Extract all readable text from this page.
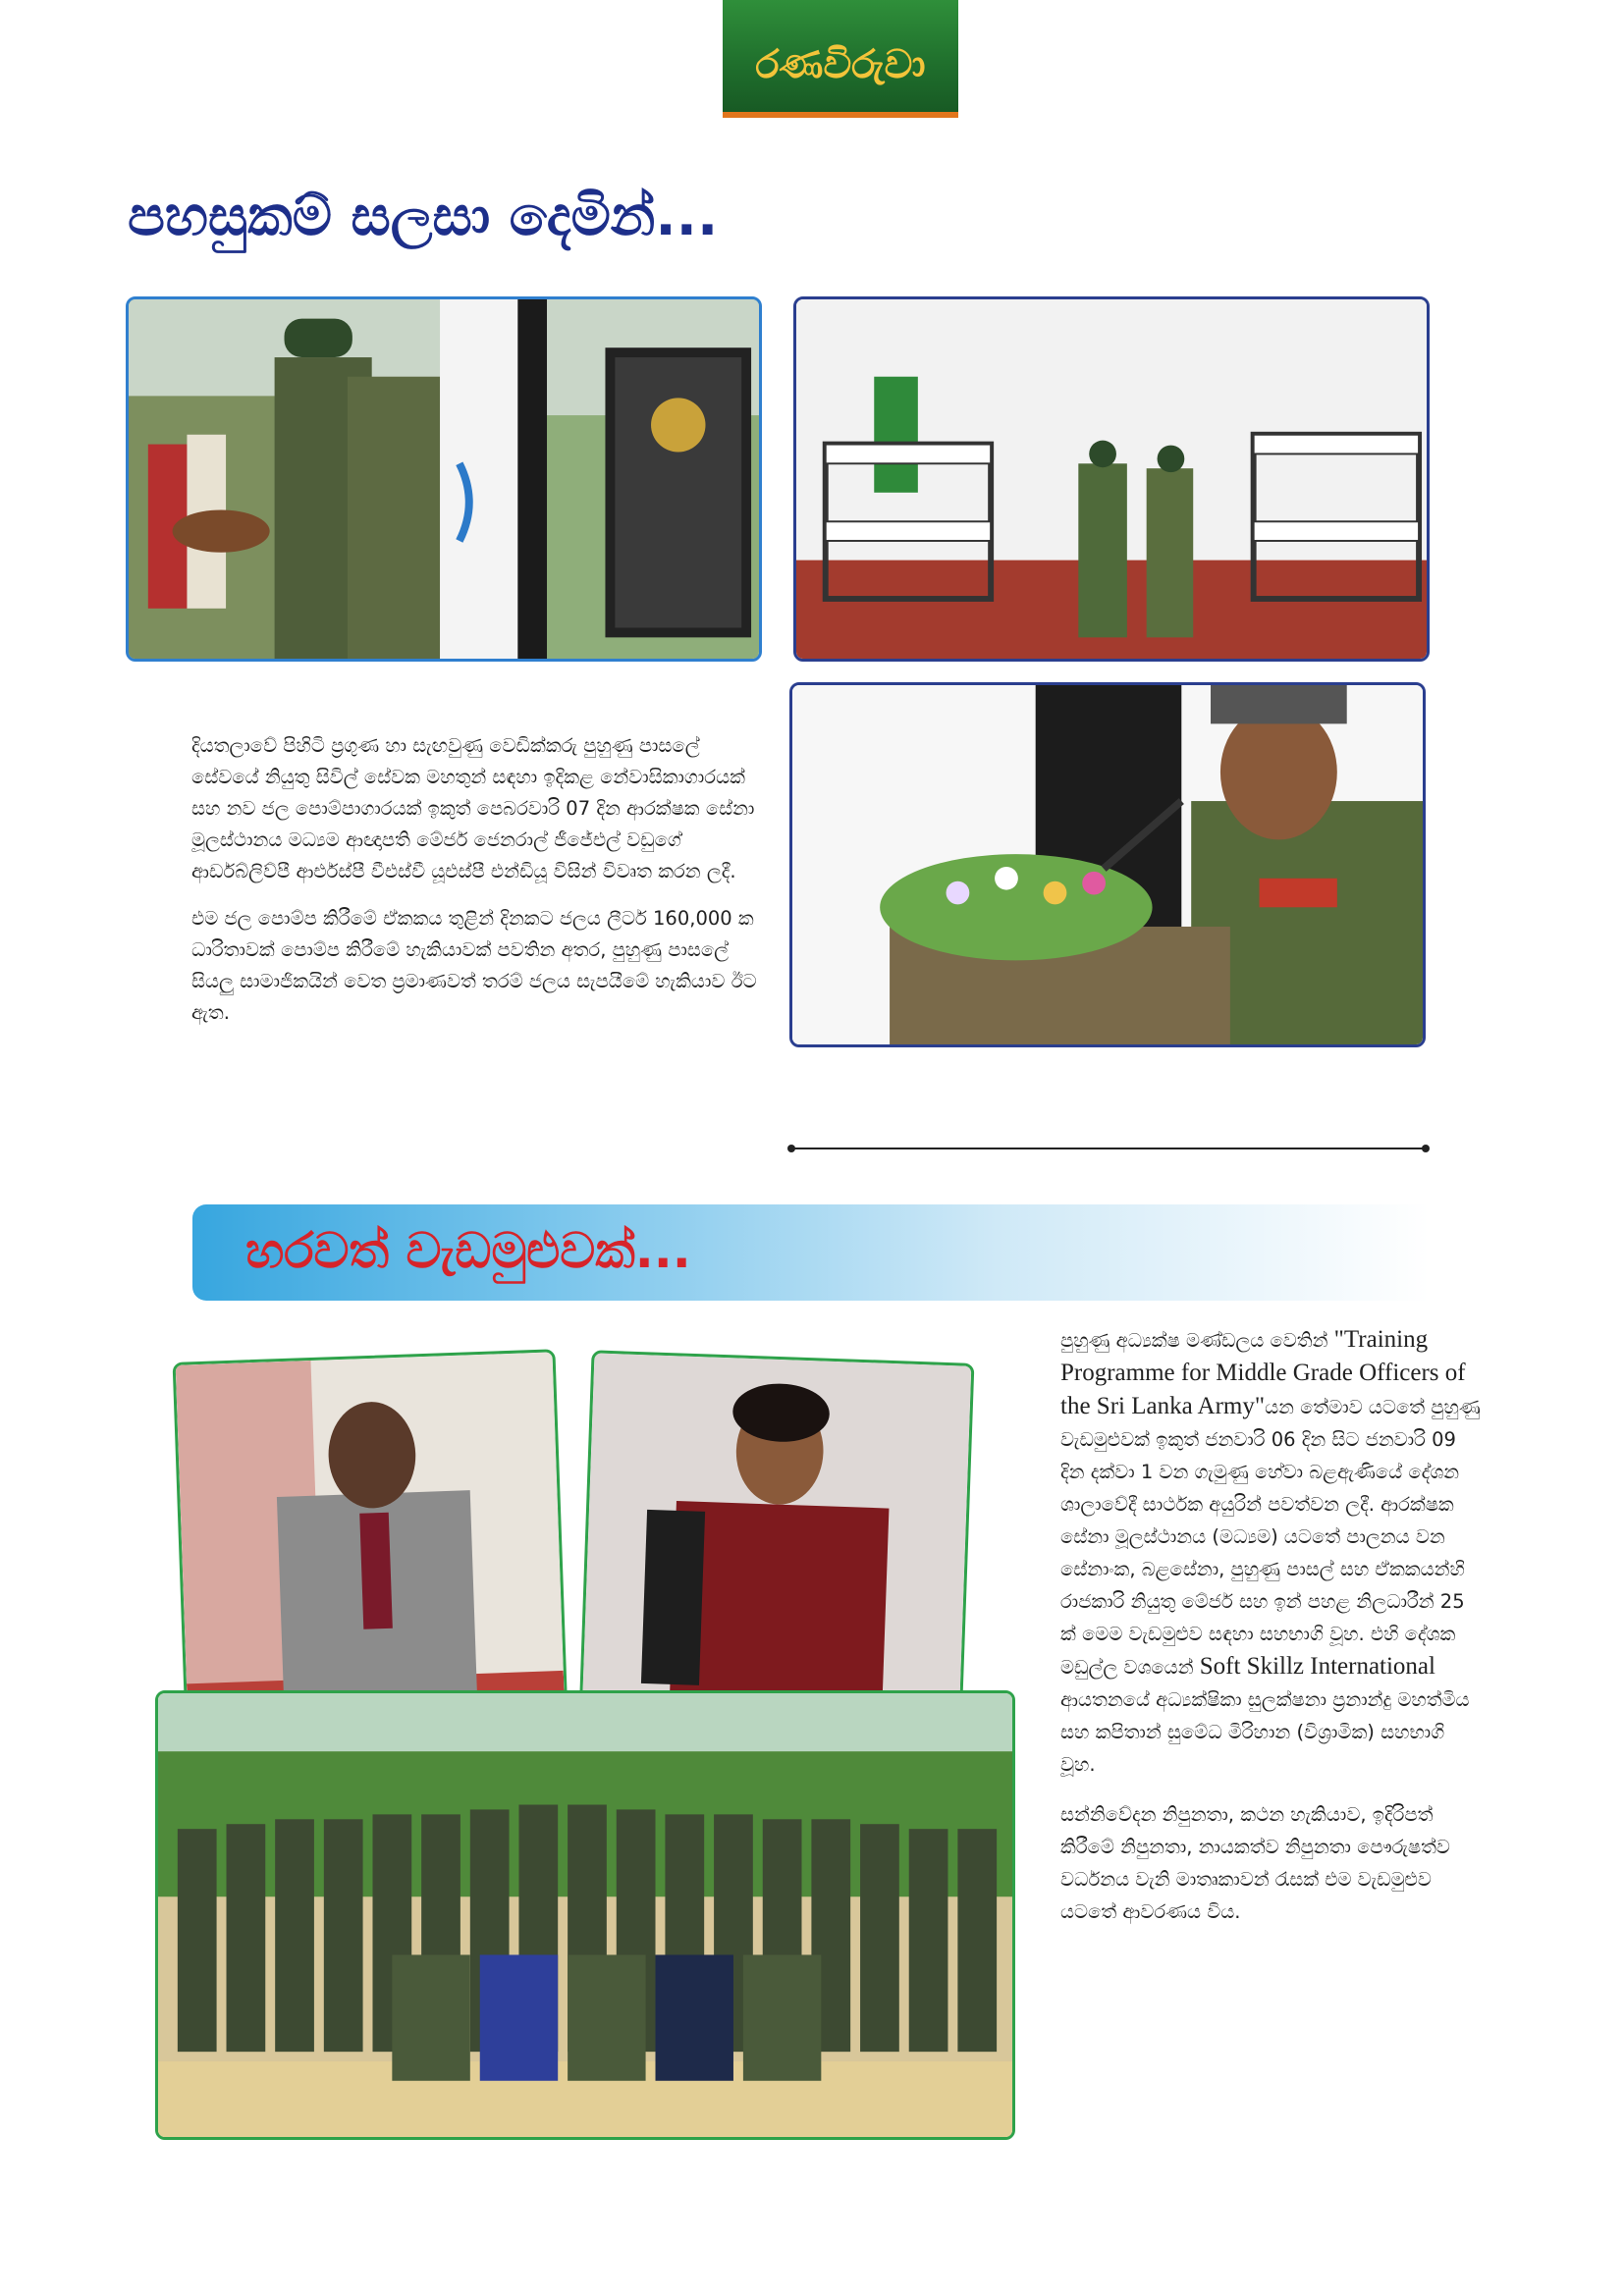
රණවිරුවා
පහසුකම් සලසා දෙමින්...

දියතලාවේ පිහිටි ප්‍රගුණ හා සැඟවුණු වෙඩික්කරු පුහුණු පාසලේ සේවයේ නියුතු සිවිල් සේවක මහතුන් සඳහා ඉදිකළ නේවාසිකාගාරයක් සහ නව ජල පොම්පාගාරයක් ඉකුත් පෙබරවාරි 07 දින ආරක්ෂක සේනා මූලස්ථානය මධ්‍යම ආඥාපති මේජර් ජෙනරාල් ජීජේඑල් වඩුගේ ආර්ඩබ්ලිව්පී ආර්එස්පී වීඑස්වී යූඑස්පී එන්ඩියූ විසින් විවෘත කරන ලදී.

එම ජල පොම්ප කිරීමේ ඒකකය තුළින් දිනකට ජලය ලීටර් 160,000 ක ධාරිතාවක් පොම්ප කිරීමේ හැකියාවක් පවතින අතර, පුහුණු පාසලේ සියලු සාමාජිකයින් වෙත ප්‍රමාණවත් තරම් ජලය සැපයීමේ හැකියාව ඊට ඇත.

හරවත් වැඩමුළුවක්...

පුහුණු අධ්‍යක්ෂ මණ්ඩලය වෙතින් "Training Programme for Middle Grade Officers of the Sri Lanka Army"යන තේමාව යටතේ පුහුණු වැඩමුළුවක් ඉකුත් ජනවාරි 06 දින සිට ජනවාරි 09 දින දක්වා 1 වන ගැමුණු හේවා බළඇණියේ දේශන ශාලාවේදී සාර්ථක අයුරින් පවත්වන ලදී. ආරක්ෂක සේනා මූලස්ථානය (මධ්‍යම) යටතේ පාලනය වන සේනාංක, බළසේනා, පුහුණු පාසල් සහ ඒකකයන්හි රාජකාරි නියුතු මේජර් සහ ඉන් පහළ නිලධාරීන් 25 ක් මෙම වැඩමුළුව සඳහා සහභාගි වූහ. එහි දේශක මඩුල්ල වශයෙන් Soft Skillz International ආයතනයේ අධ්‍යක්ෂිකා සුලක්ෂනා ප්‍රනාන්දු මහත්මිය සහ කපිතාන් සුමේධ මිරිහාන (විශ්‍රාමික) සහභාගි වූහ.

සන්නිවේදන නිපුනතා, කථන හැකියාව, ඉදිරිපත් කිරීමේ නිපුනතා, නායකත්ව නිපුනතා පෞරුෂත්ව වර්ධනය වැනි මාතෘකාවන් රැසක් එම වැඩමුළුව යටතේ ආවරණය විය.
